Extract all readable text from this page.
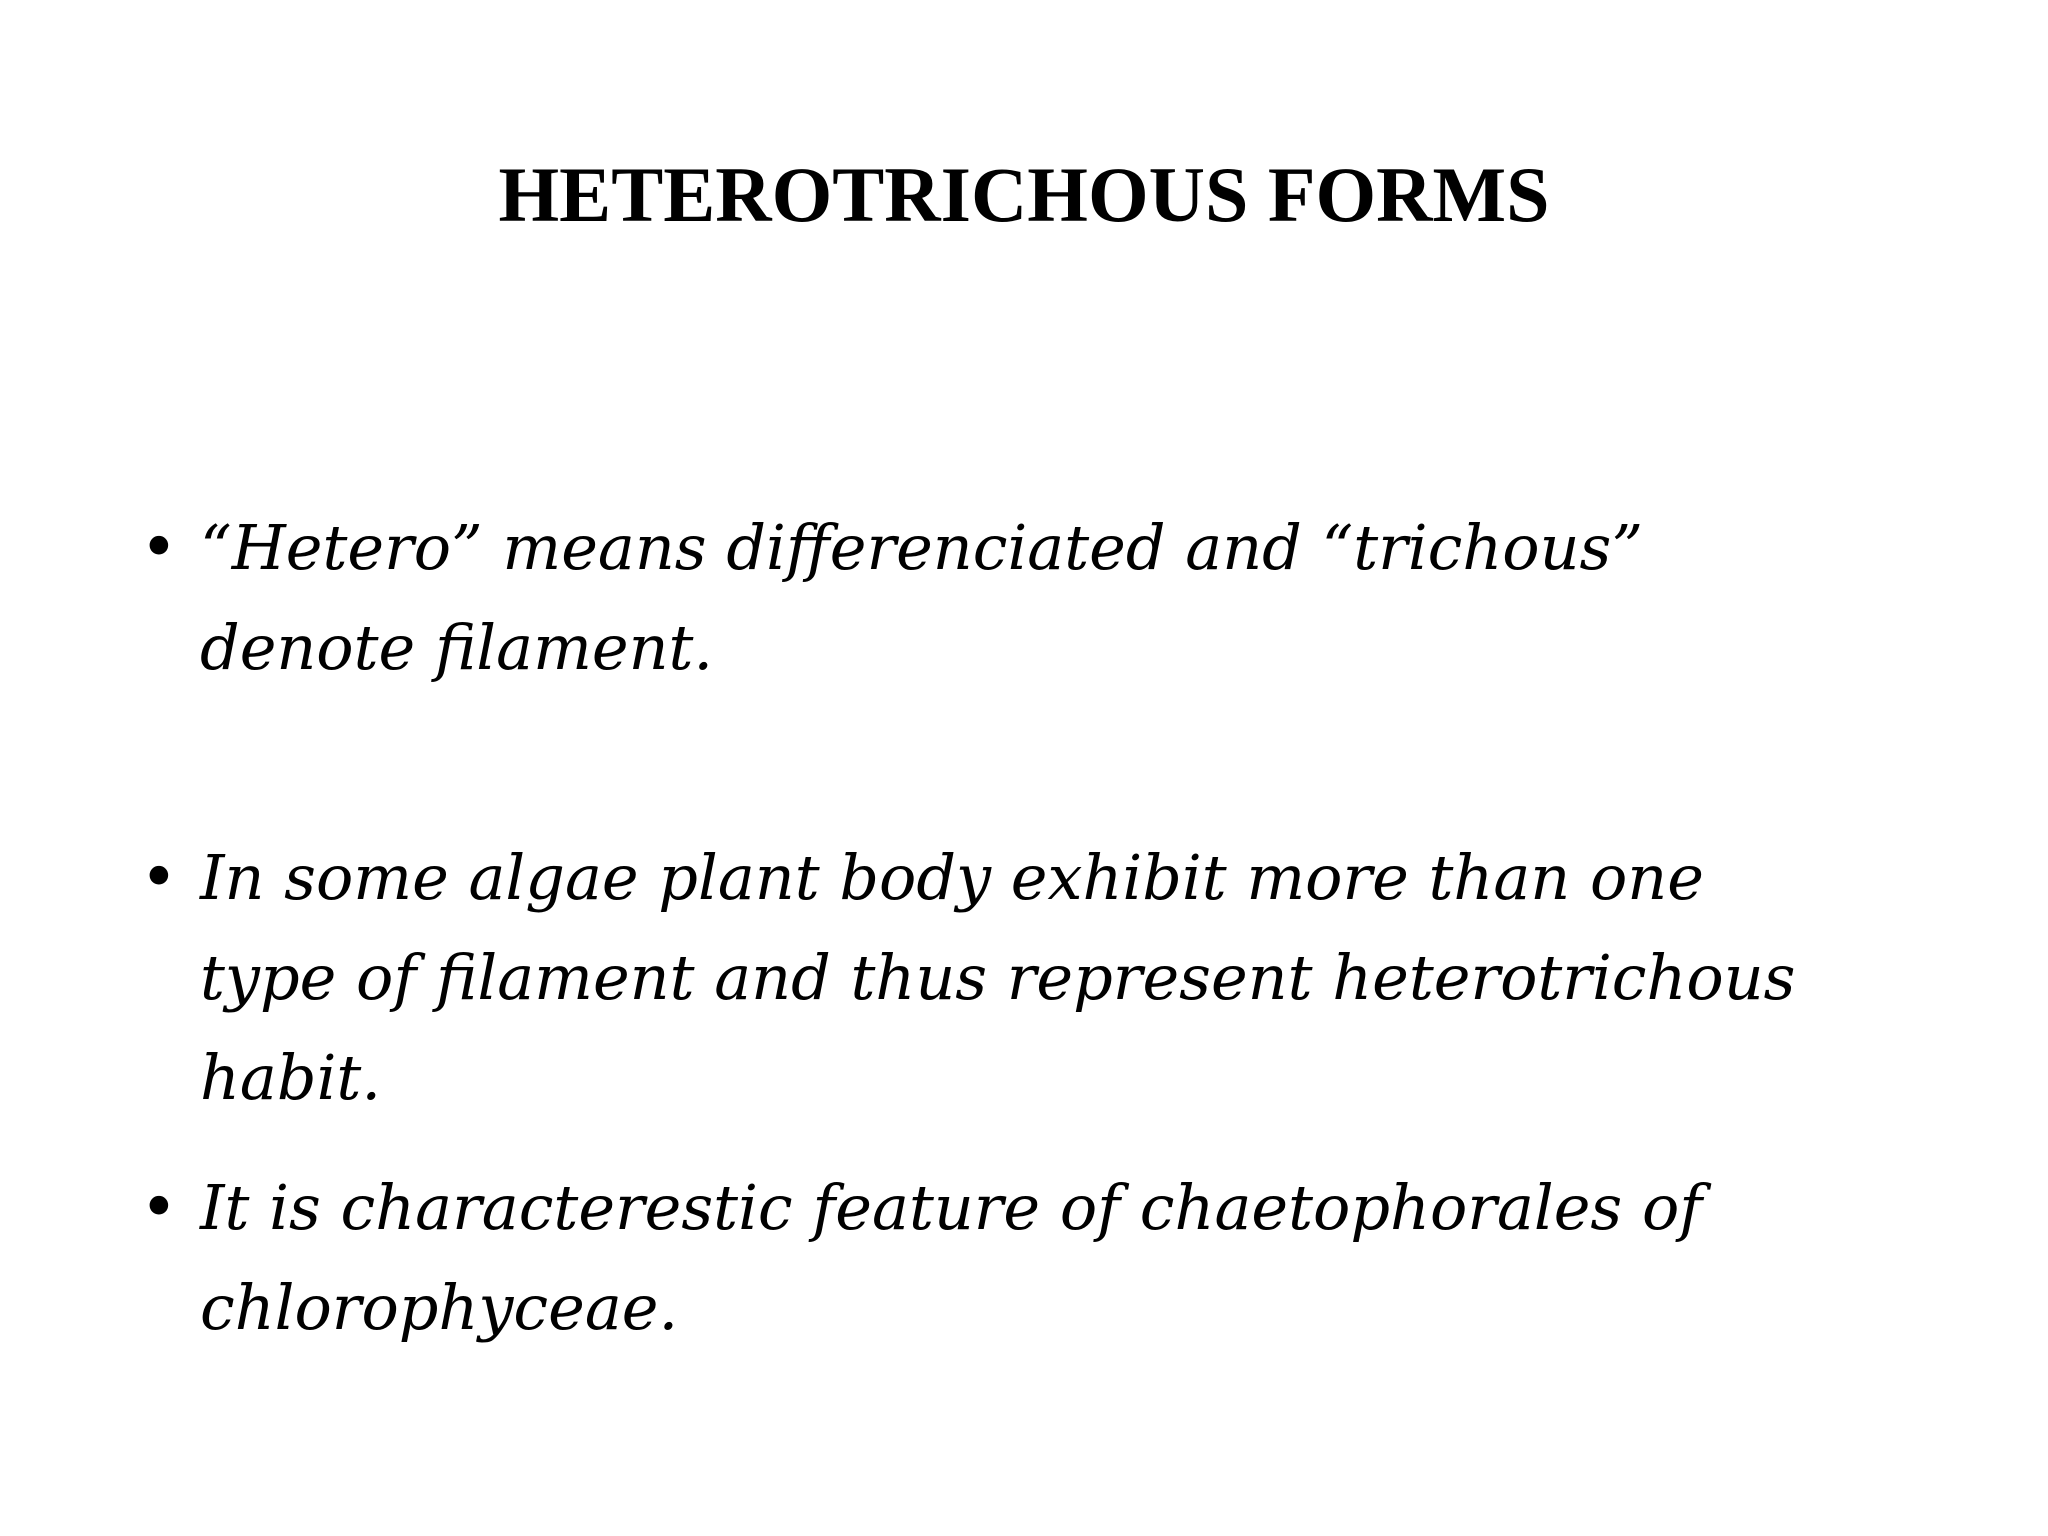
HETEROTRICHOUS FORMS
• “Hetero” means differenciated and “trichous” denote filament.

• In some algae plant body exhibit more than one type of filament and thus represent heterotrichous habit.

• It is characterestic feature of chaetophorales of chlorophyceae.
